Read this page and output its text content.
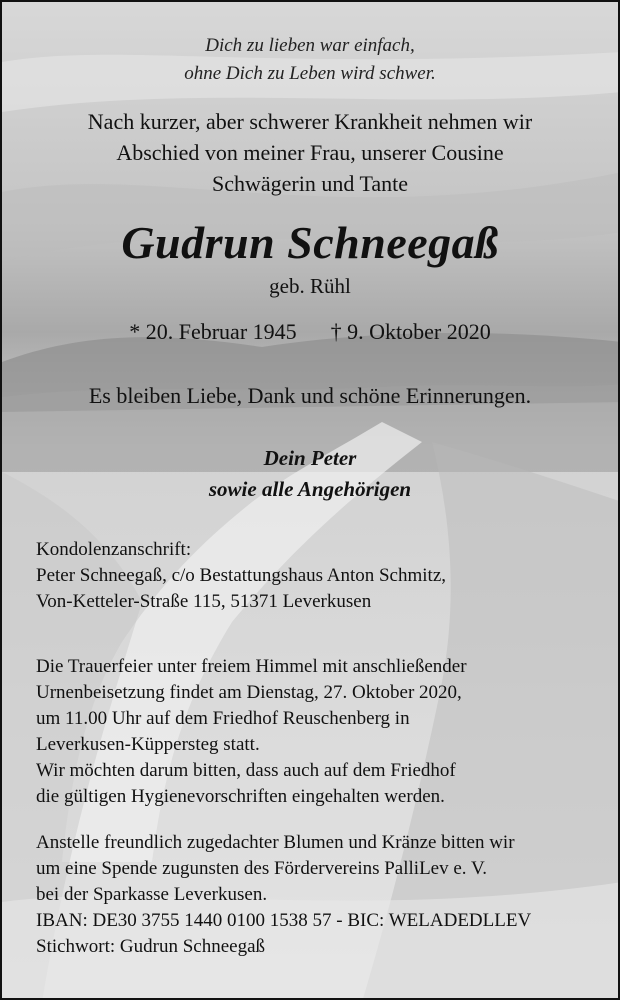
Dich zu lieben war einfach,
ohne Dich zu Leben wird schwer.
Nach kurzer, aber schwerer Krankheit nehmen wir
Abschied von meiner Frau, unserer Cousine
Schwägerin und Tante
Gudrun Schneegaß
geb. Rühl
* 20. Februar 1945 † 9. Oktober 2020
Es bleiben Liebe, Dank und schöne Erinnerungen.
Dein Peter
sowie alle Angehörigen
Kondolenzanschrift:
Peter Schneegaß, c/o Bestattungshaus Anton Schmitz,
Von-Ketteler-Straße 115, 51371 Leverkusen
Die Trauerfeier unter freiem Himmel mit anschließender
Urnenbeisetzung findet am Dienstag, 27. Oktober 2020,
um 11.00 Uhr auf dem Friedhof Reuschenberg in
Leverkusen-Küppersteg statt.
Wir möchten darum bitten, dass auch auf dem Friedhof
die gültigen Hygienevorschriften eingehalten werden.
Anstelle freundlich zugedachter Blumen und Kränze bitten wir
um eine Spende zugunsten des Fördervereins PalliLev e. V.
bei der Sparkasse Leverkusen.
IBAN: DE30 3755 1440 0100 1538 57 - BIC: WELADEDLLEV
Stichwort: Gudrun Schneegaß
